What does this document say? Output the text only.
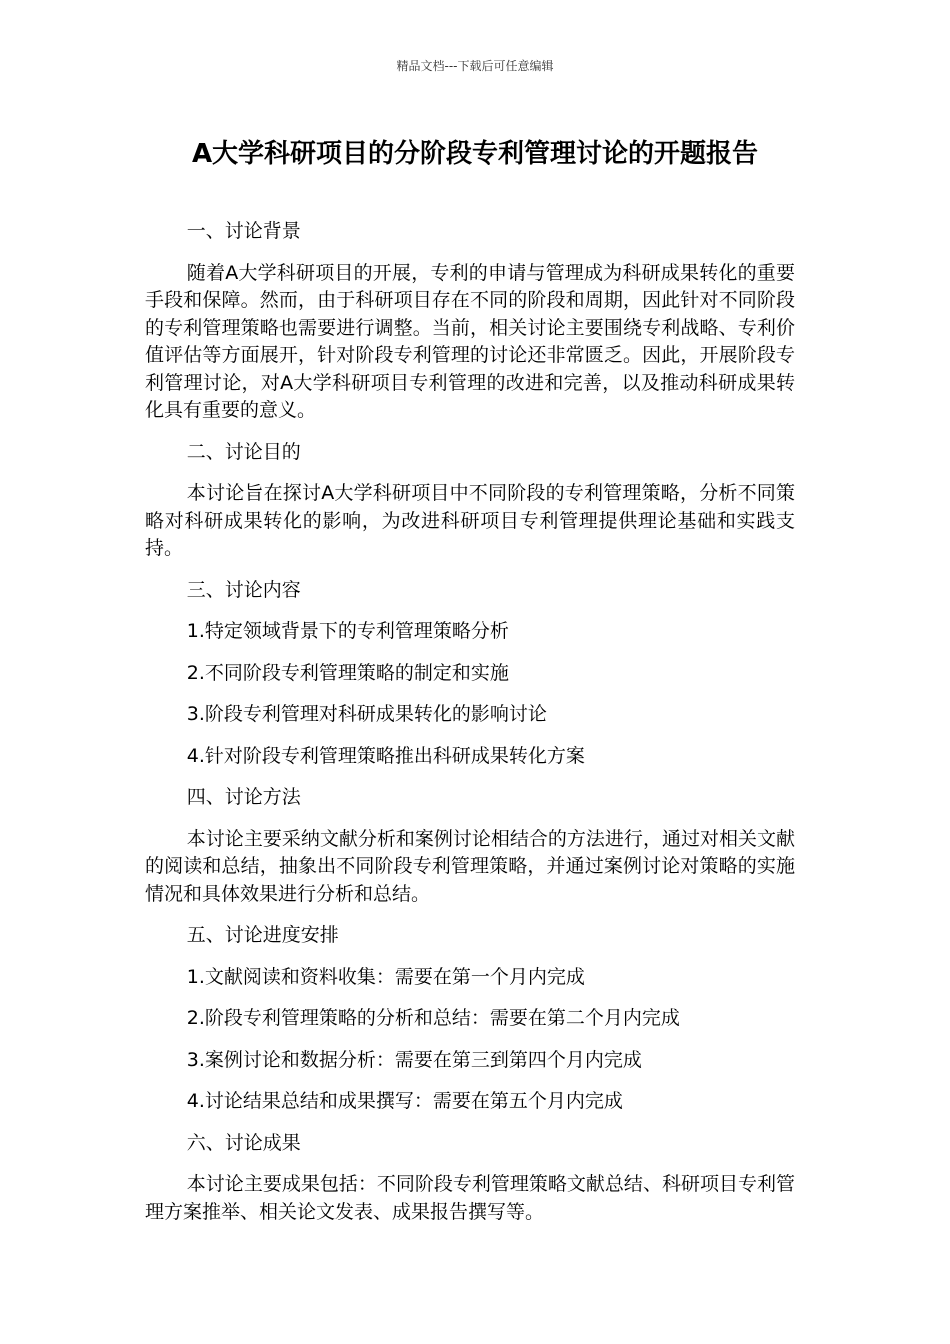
精品文档---下载后可任意编辑
A大学科研项目的分阶段专利管理讨论的开题报告

一、讨论背景

随着A大学科研项目的开展，专利的申请与管理成为科研成果转化的重要手段和保障。然而，由于科研项目存在不同的阶段和周期，因此针对不同阶段的专利管理策略也需要进行调整。当前，相关讨论主要围绕专利战略、专利价值评估等方面展开，针对阶段专利管理的讨论还非常匮乏。因此，开展阶段专利管理讨论，对A大学科研项目专利管理的改进和完善，以及推动科研成果转化具有重要的意义。

二、讨论目的

本讨论旨在探讨A大学科研项目中不同阶段的专利管理策略，分析不同策略对科研成果转化的影响，为改进科研项目专利管理提供理论基础和实践支持。

三、讨论内容

1.特定领域背景下的专利管理策略分析

2.不同阶段专利管理策略的制定和实施

3.阶段专利管理对科研成果转化的影响讨论

4.针对阶段专利管理策略推出科研成果转化方案

四、讨论方法

本讨论主要采纳文献分析和案例讨论相结合的方法进行，通过对相关文献的阅读和总结，抽象出不同阶段专利管理策略，并通过案例讨论对策略的实施情况和具体效果进行分析和总结。

五、讨论进度安排

1.文献阅读和资料收集：需要在第一个月内完成

2.阶段专利管理策略的分析和总结：需要在第二个月内完成

3.案例讨论和数据分析：需要在第三到第四个月内完成

4.讨论结果总结和成果撰写：需要在第五个月内完成

六、讨论成果

本讨论主要成果包括：不同阶段专利管理策略文献总结、科研项目专利管理方案推举、相关论文发表、成果报告撰写等。
